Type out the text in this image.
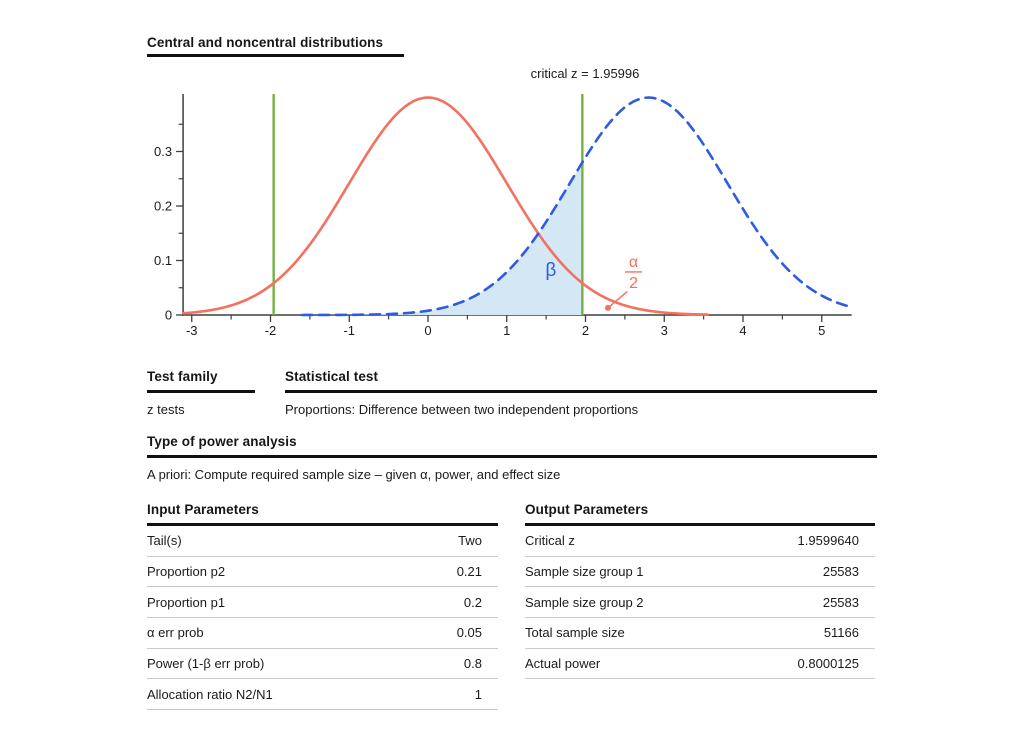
Central and noncentral distributions
critical z = 1.95996
-3	-2	-1	0	1	2	3	4	5
0
0.1
0.2
0.3
β	α
2
Test family
z tests
Statistical test
Proportions: Difference between two independent proportions
Type of power analysis
A priori: Compute required sample size – given α, power, and effect size
Input Parameters
Tail(s)	Two
Proportion p2	0.21
Proportion p1	0.2
α err prob	0.05
Power (1-β err prob)	0.8
Allocation ratio N2/N1	1
Output Parameters
Critical z	1.9599640
Sample size group 1	25583
Sample size group 2	25583
Total sample size	51166
Actual power	0.8000125
